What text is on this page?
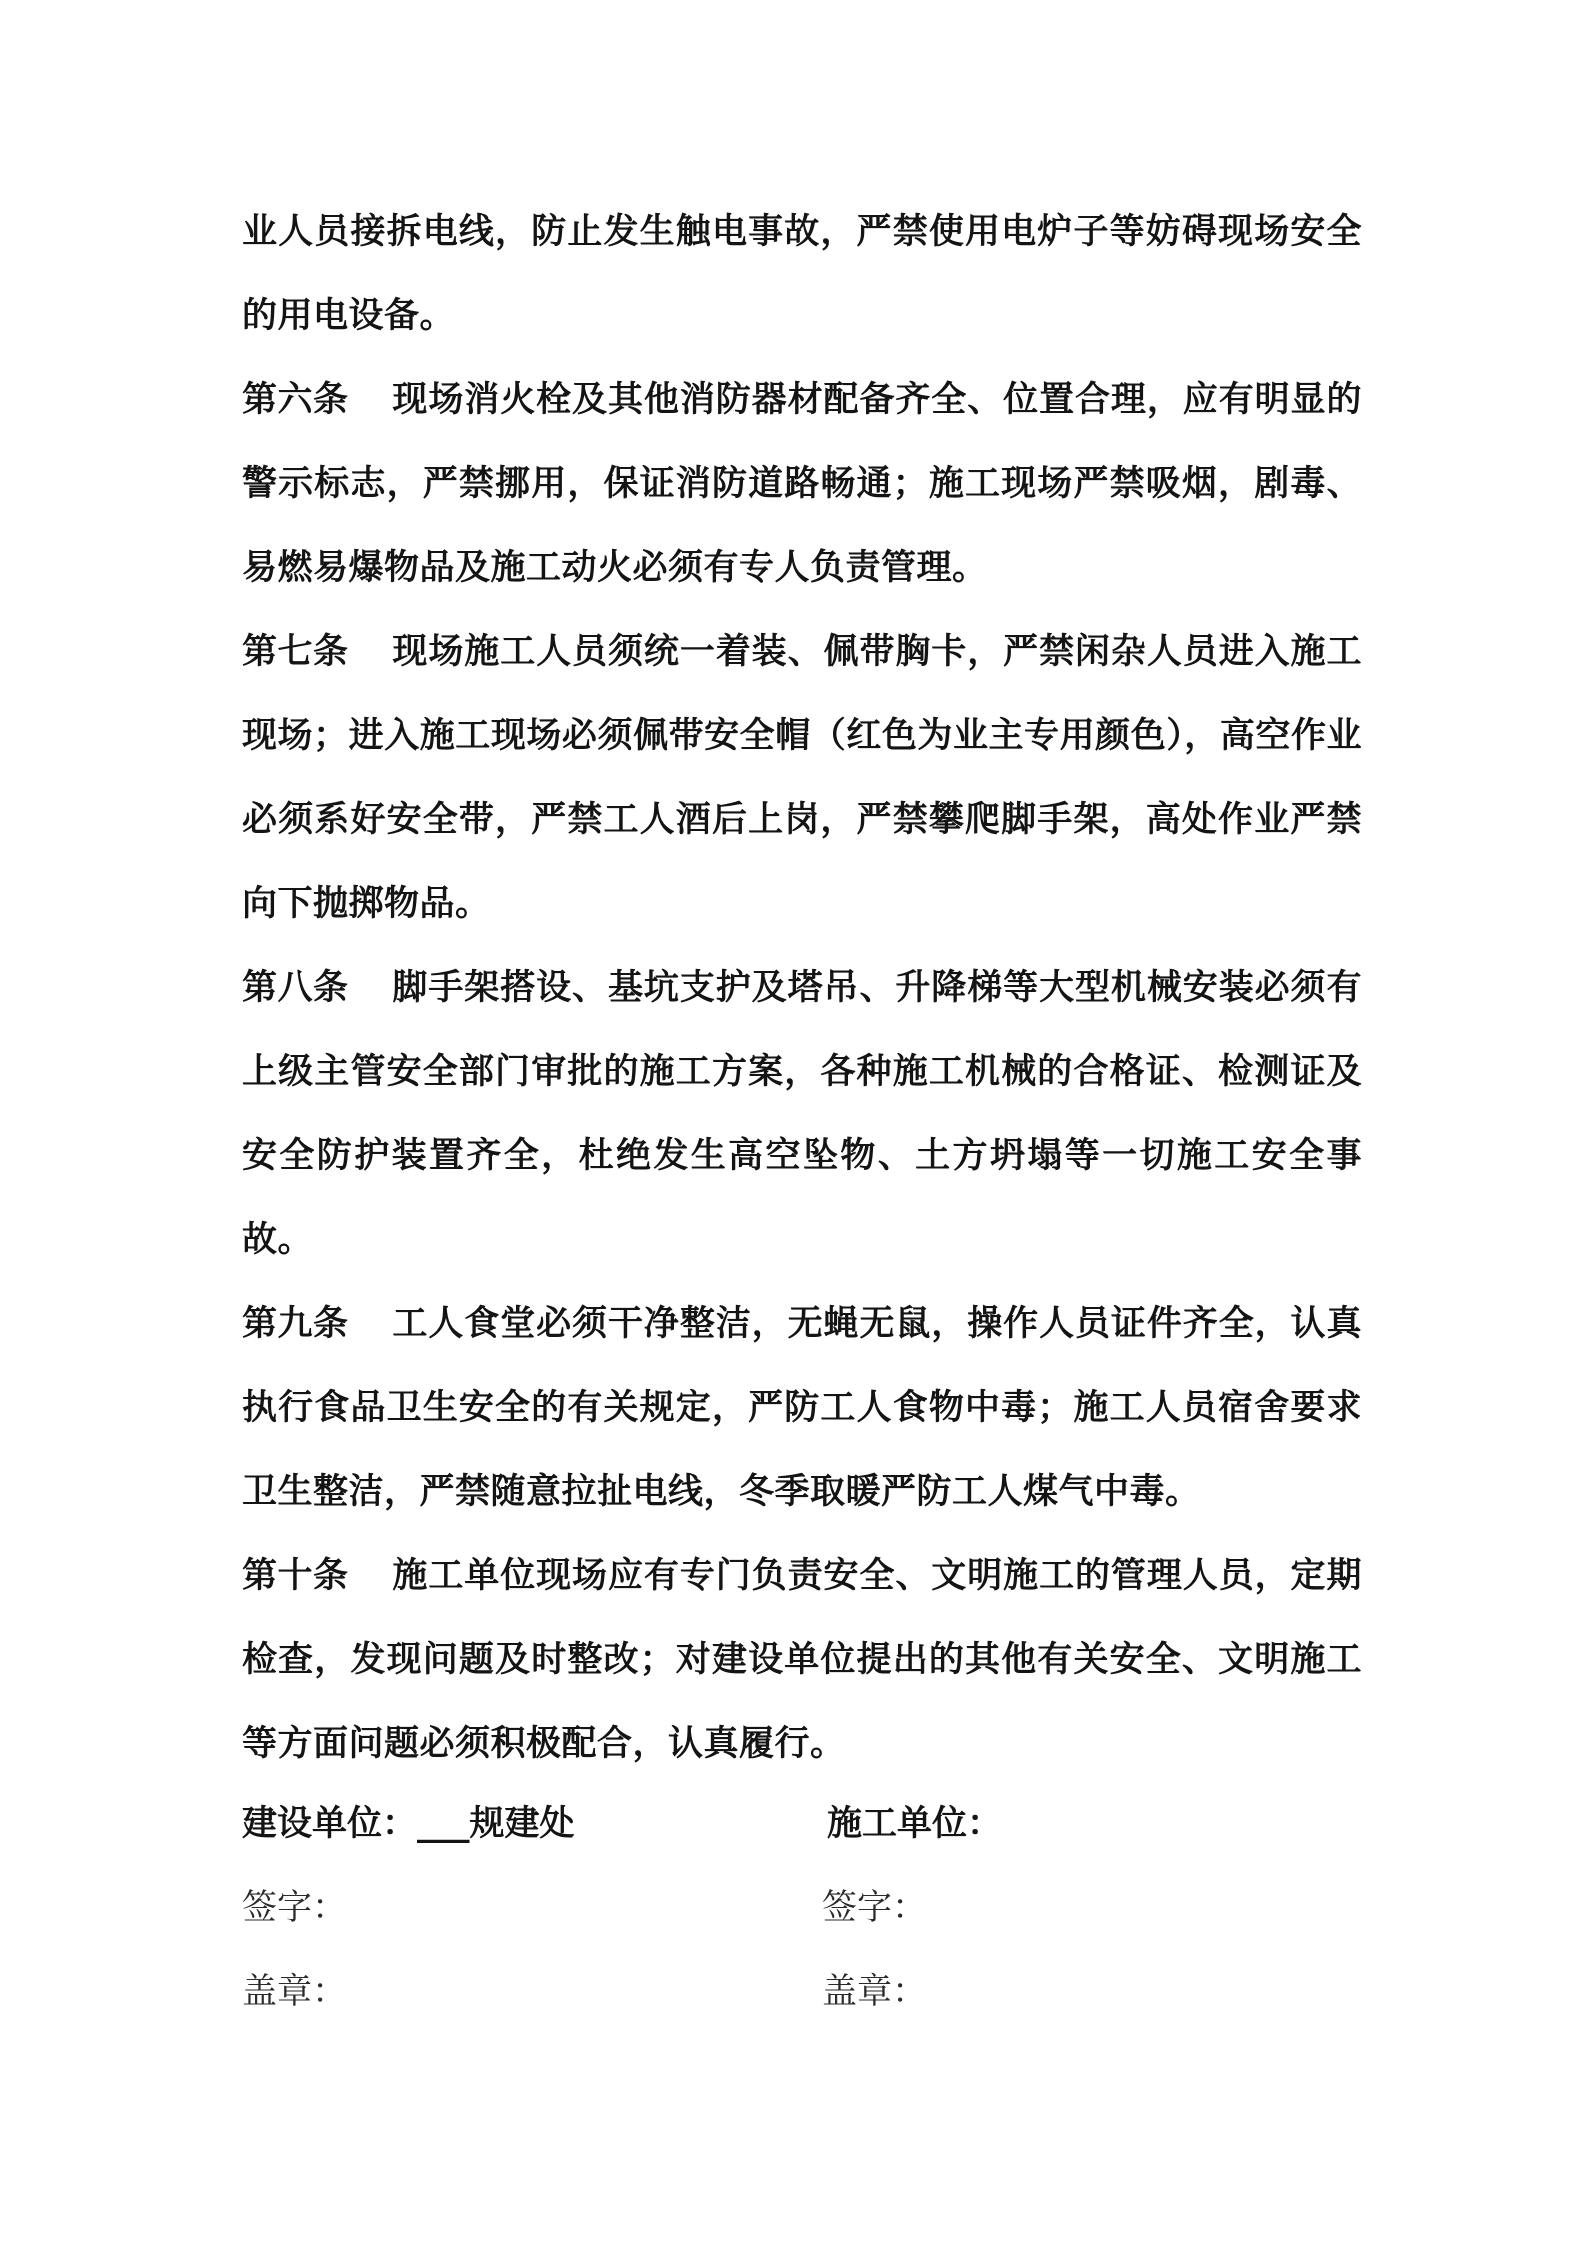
业人员接拆电线，防止发生触电事故，严禁使用电炉子等妨碍现场安全的用电设备。

第六条 现场消火栓及其他消防器材配备齐全、位置合理，应有明显的警示标志，严禁挪用，保证消防道路畅通；施工现场严禁吸烟，剧毒、易燃易爆物品及施工动火必须有专人负责管理。

第七条 现场施工人员须统一着装、佩带胸卡，严禁闲杂人员进入施工现场；进入施工现场必须佩带安全帽（红色为业主专用颜色），高空作业必须系好安全带，严禁工人酒后上岗，严禁攀爬脚手架，高处作业严禁向下抛掷物品。

第八条 脚手架搭设、基坑支护及塔吊、升降梯等大型机械安装必须有上级主管安全部门审批的施工方案，各种施工机械的合格证、检测证及安全防护装置齐全，杜绝发生高空坠物、土方坍塌等一切施工安全事故。

第九条 工人食堂必须干净整洁，无蝇无鼠，操作人员证件齐全，认真执行食品卫生安全的有关规定，严防工人食物中毒；施工人员宿舍要求卫生整洁，严禁随意拉扯电线，冬季取暖严防工人煤气中毒。

第十条 施工单位现场应有专门负责安全、文明施工的管理人员，定期检查，发现问题及时整改；对建设单位提出的其他有关安全、文明施工等方面问题必须积极配合，认真履行。

建设单位：___规建处	施工单位：
签字：	签字：
盖章：	盖章：
